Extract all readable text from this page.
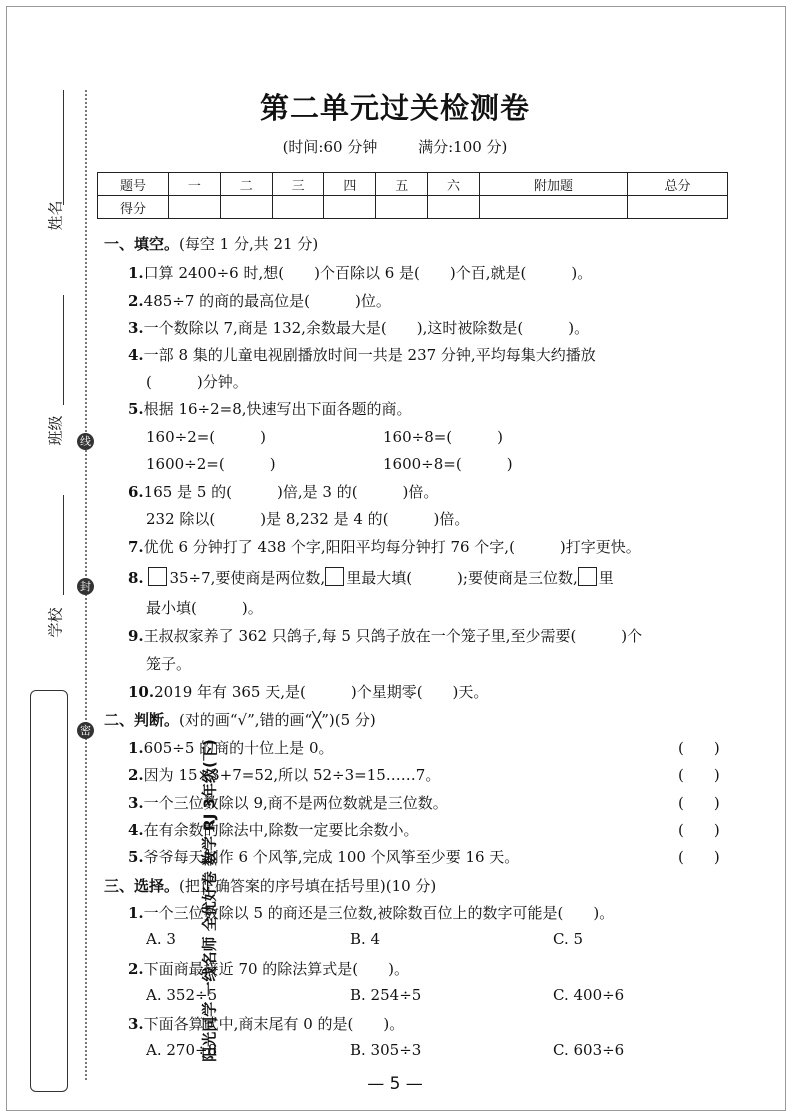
姓名
班级
学校
线
封
密
阳光同学 一线名师 全优好卷 数学 RJ 3年级(下)
第二单元过关检测卷
(时间:60 分钟	满分:100 分)
题号	一	二	三	四	五	六	附加题	总分
得分								
一、填空。(每空 1 分,共 21 分)
1.口算 2400÷6 时,想(　　)个百除以 6 是(　　)个百,就是(　　　)。
2.485÷7 的商的最高位是(　　　)位。
3.一个数除以 7,商是 132,余数最大是(　　),这时被除数是(　　　)。
4.一部 8 集的儿童电视剧播放时间一共是 237 分钟,平均每集大约播放
(　　　)分钟。
5.根据 16÷2=8,快速写出下面各题的商。
160÷2=(　　　)	160÷8=(　　　)
1600÷2=(　　　)	1600÷8=(　　　)
6.165 是 5 的(　　　)倍,是 3 的(　　　)倍。
232 除以(　　　)是 8,232 是 4 的(　　　)倍。
7.优优 6 分钟打了 438 个字,阳阳平均每分钟打 76 个字,(　　　)打字更快。
8. 35÷7,要使商是两位数, 里最大填(　　　);要使商是三位数, 里
最小填(　　　)。
9.王叔叔家养了 362 只鸽子,每 5 只鸽子放在一个笼子里,至少需要(　　　)个
笼子。
10.2019 年有 365 天,是(　　　)个星期零(　　)天。
二、判断。(对的画“√”,错的画“╳”)(5 分)
1.605÷5 的商的十位上是 0。	(　　)
2.因为 15×3+7=52,所以 52÷3=15……7。	(　　)
3.一个三位数除以 9,商不是两位数就是三位数。	(　　)
4.在有余数的除法中,除数一定要比余数小。	(　　)
5.爷爷每天制作 6 个风筝,完成 100 个风筝至少要 16 天。	(　　)
三、选择。(把正确答案的序号填在括号里)(10 分)
1.一个三位数除以 5 的商还是三位数,被除数百位上的数字可能是(　　)。
A. 3	B. 4	C. 5
2.下面商最接近 70 的除法算式是(　　)。
A. 352÷5	B. 254÷5	C. 400÷6
3.下面各算式中,商末尾有 0 的是(　　)。
A. 270÷8	B. 305÷3	C. 603÷6
— 5 —
